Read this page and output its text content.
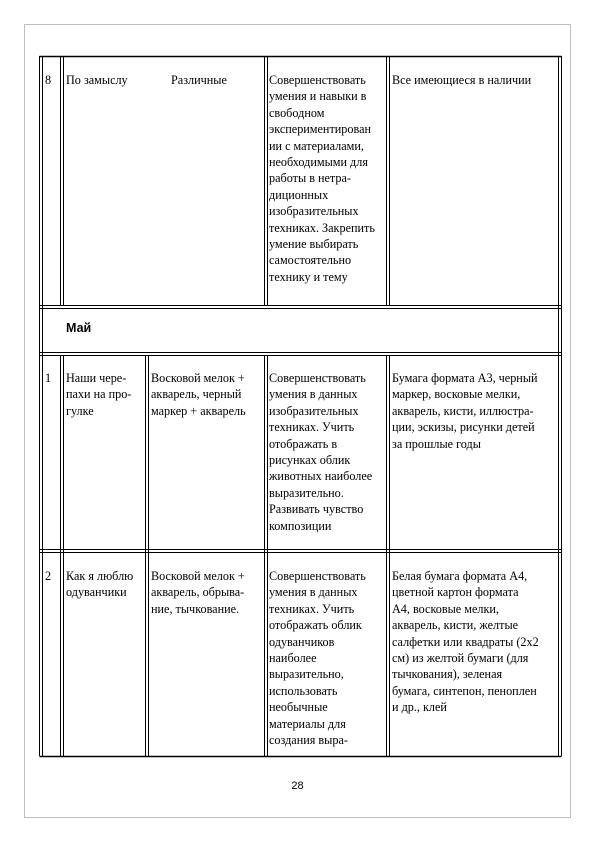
8 По замыслу	Различные	Совершенствовать
умения и навыки в
свободном
экспериментирован
ии с материалами,
необходимыми для
работы в нетра-
диционных
изобразительных
техниках. Закрепить
умение выбирать
самостоятельно
технику и тему
Все имеющиеся в наличии
Май
1 Наши чере-
пахи на про-
гулке
Восковой мелок +
акварель, черный
маркер + акварель
Совершенствовать
умения в данных
изобразительных
техниках. Учить
отображать в
рисунках облик
животных наиболее
выразительно.
Развивать чувство
композиции
Бумага формата А3, черный
маркер, восковые мелки,
акварель, кисти, иллюстра-
ции, эскизы, рисунки детей
за прошлые годы
2 Как я люблю
одуванчики
Восковой мелок +
акварель, обрыва-
ние, тычкование.
Совершенствовать
умения в данных
техниках. Учить
отображать облик
одуванчиков
наиболее
выразительно,
использовать
необычные
материалы для
создания выра-
Белая бумага формата А4,
цветной картон формата
А4, восковые мелки,
акварель, кисти, желтые
салфетки или квадраты (2х2
см) из желтой бумаги (для
тычкования), зеленая
бумага, синтепон, пеноплен
и др., клей
28
